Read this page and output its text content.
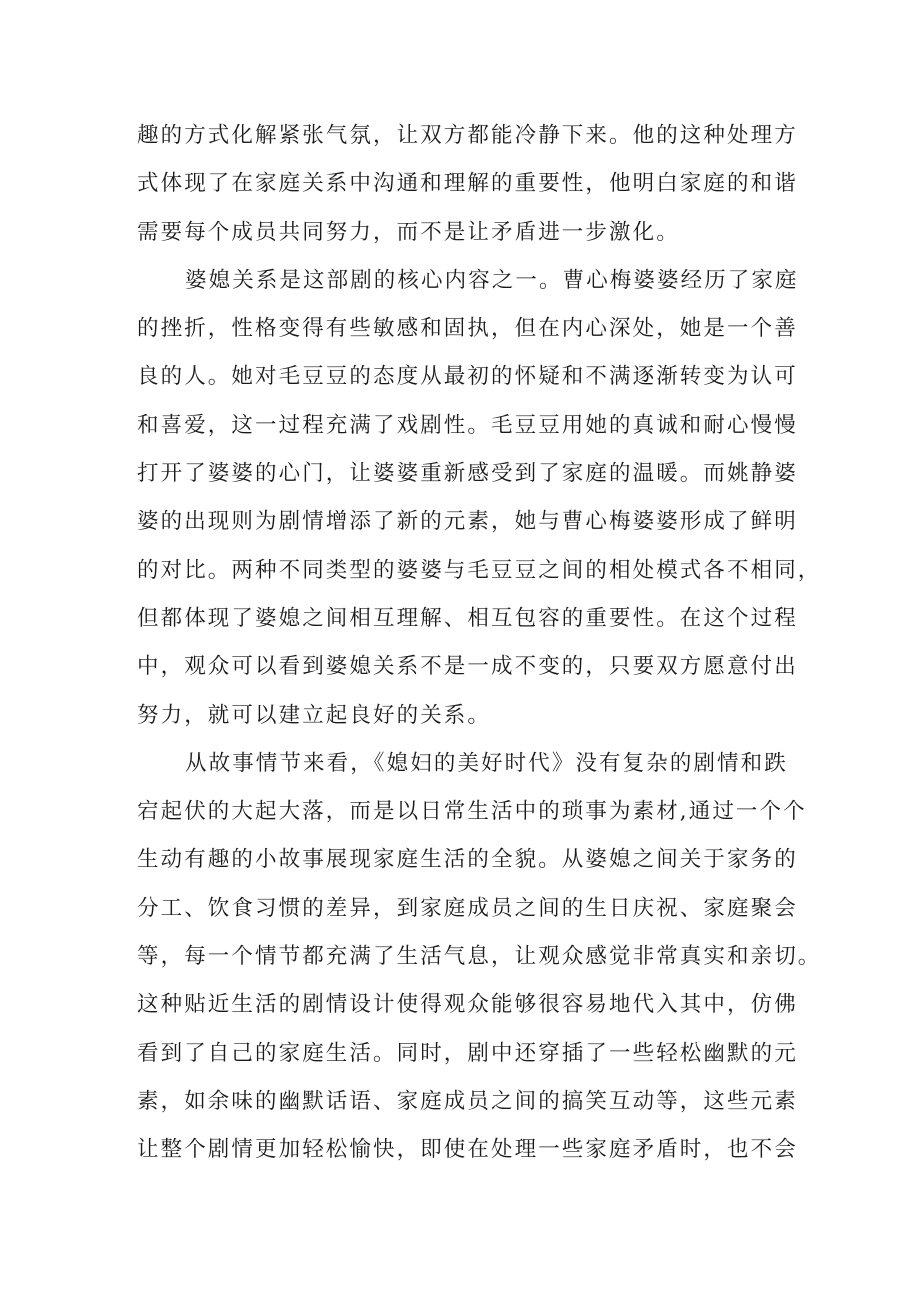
趣的方式化解紧张气氛，让双方都能冷静下来。他的这种处理方
式体现了在家庭关系中沟通和理解的重要性，他明白家庭的和谐
需要每个成员共同努力，而不是让矛盾进一步激化。
婆媳关系是这部剧的核心内容之一。曹心梅婆婆经历了家庭
的挫折，性格变得有些敏感和固执，但在内心深处，她是一个善
良的人。她对毛豆豆的态度从最初的怀疑和不满逐渐转变为认可
和喜爱，这一过程充满了戏剧性。毛豆豆用她的真诚和耐心慢慢
打开了婆婆的心门，让婆婆重新感受到了家庭的温暖。而姚静婆
婆的出现则为剧情增添了新的元素，她与曹心梅婆婆形成了鲜明
的对比。两种不同类型的婆婆与毛豆豆之间的相处模式各不相同，
但都体现了婆媳之间相互理解、相互包容的重要性。在这个过程
中，观众可以看到婆媳关系不是一成不变的，只要双方愿意付出
努力，就可以建立起良好的关系。
从故事情节来看，《媳妇的美好时代》没有复杂的剧情和跌
宕起伏的大起大落，而是以日常生活中的琐事为素材,通过一个个
生动有趣的小故事展现家庭生活的全貌。从婆媳之间关于家务的
分工、饮食习惯的差异，到家庭成员之间的生日庆祝、家庭聚会
等，每一个情节都充满了生活气息，让观众感觉非常真实和亲切。
这种贴近生活的剧情设计使得观众能够很容易地代入其中，仿佛
看到了自己的家庭生活。同时，剧中还穿插了一些轻松幽默的元
素，如余味的幽默话语、家庭成员之间的搞笑互动等，这些元素
让整个剧情更加轻松愉快，即使在处理一些家庭矛盾时，也不会
